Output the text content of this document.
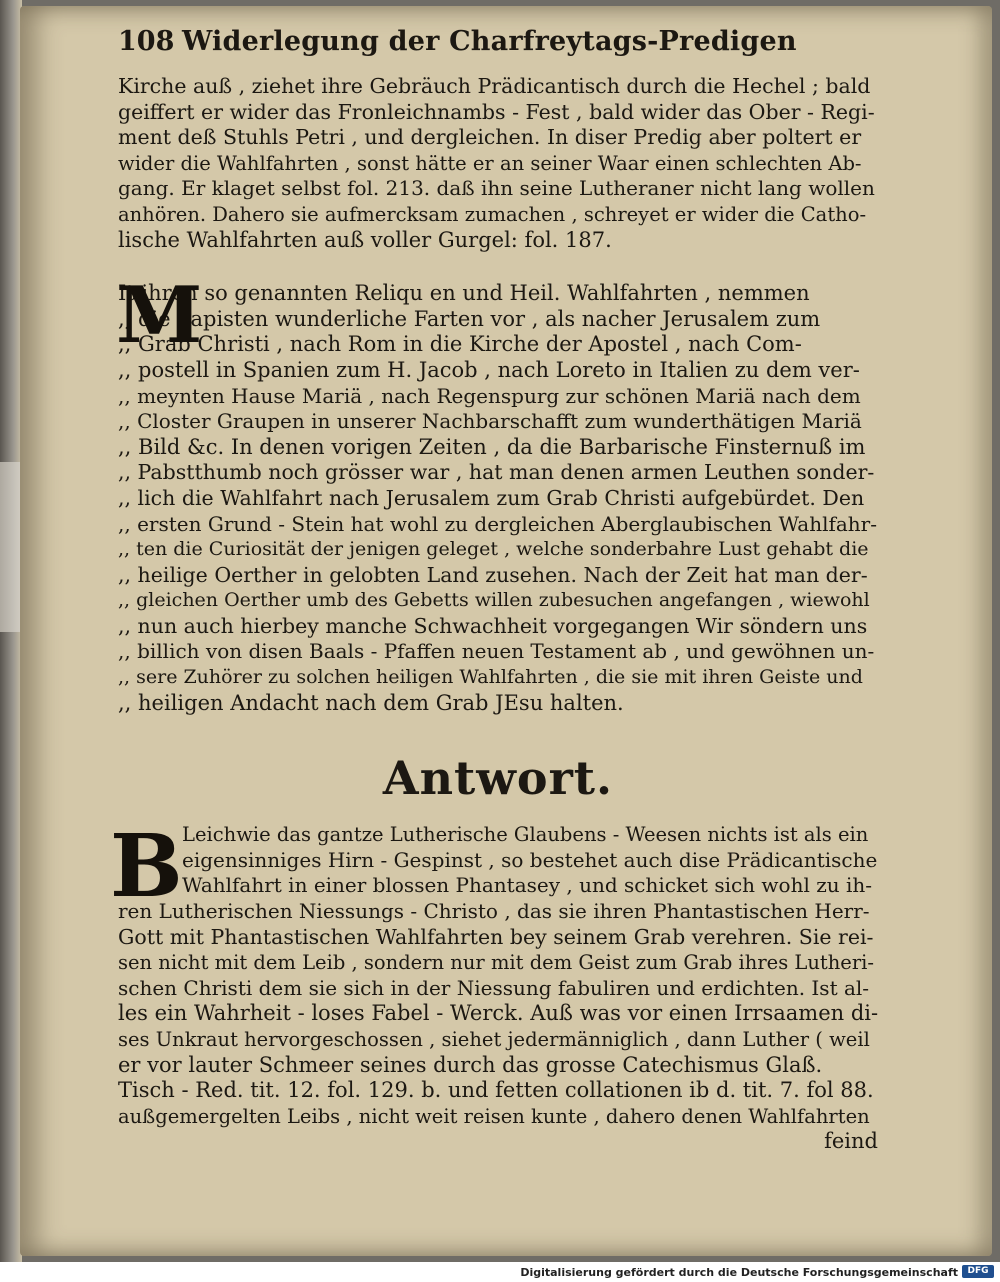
108 Widerlegung der Charfreytags-Predigen
Kirche auß , ziehet ihre Gebräuch Prädicantisch durch die Hechel ; bald
geiffert er wider das Fronleichnambs - Fest , bald wider das Ober - Regi-
ment deß Stuhls Petri , und dergleichen. In diser Predig aber poltert er
wider die Wahlfahrten , sonst hätte er an seiner Waar einen schlechten Ab-
gang. Er klaget selbst fol. 213. daß ihn seine Lutheraner nicht lang wollen
anhören. Dahero sie aufmercksam zumachen , schreyet er wider die Catho-
lische Wahlfahrten auß voller Gurgel: fol. 187.
M
It ihren so genannten Reliqu en und Heil. Wahlfahrten , nemmen
,, die Papisten wunderliche Farten vor , als nacher Jerusalem zum
,, Grab Christi , nach Rom in die Kirche der Apostel , nach Com-
,, postell in Spanien zum H. Jacob , nach Loreto in Italien zu dem ver-
,, meynten Hause Mariä , nach Regenspurg zur schönen Mariä nach dem
,, Closter Graupen in unserer Nachbarschafft zum wunderthätigen Mariä
,, Bild &c. In denen vorigen Zeiten , da die Barbarische Finsternuß im
,, Pabstthumb noch grösser war , hat man denen armen Leuthen sonder-
,, lich die Wahlfahrt nach Jerusalem zum Grab Christi aufgebürdet. Den
,, ersten Grund - Stein hat wohl zu dergleichen Aberglaubischen Wahlfahr-
,, ten die Curiosität der jenigen geleget , welche sonderbahre Lust gehabt die
,, heilige Oerther in gelobten Land zusehen. Nach der Zeit hat man der-
,, gleichen Oerther umb des Gebetts willen zubesuchen angefangen , wiewohl
,, nun auch hierbey manche Schwachheit vorgegangen Wir söndern uns
,, billich von disen Baals - Pfaffen neuen Testament ab , und gewöhnen un-
,, sere Zuhörer zu solchen heiligen Wahlfahrten , die sie mit ihren Geiste und
,, heiligen Andacht nach dem Grab JEsu halten.
Antwort.
B Leichwie das gantze Lutherische Glaubens - Weesen nichts ist als ein
eigensinniges Hirn - Gespinst , so bestehet auch dise Prädicantische
Wahlfahrt in einer blossen Phantasey , und schicket sich wohl zu ih-
ren Lutherischen Niessungs - Christo , das sie ihren Phantastischen Herr-
Gott mit Phantastischen Wahlfahrten bey seinem Grab verehren. Sie rei-
sen nicht mit dem Leib , sondern nur mit dem Geist zum Grab ihres Lutheri-
schen Christi dem sie sich in der Niessung fabuliren und erdichten. Ist al-
les ein Wahrheit - loses Fabel - Werck. Auß was vor einen Irrsaamen di-
ses Unkraut hervorgeschossen , siehet jedermänniglich , dann Luther ( weil
er vor lauter Schmeer seines durch das grosse Catechismus Glaß.
Tisch - Red. tit. 12. fol. 129. b. und fetten collationen ib d. tit. 7. fol 88.
außgemergelten Leibs , nicht weit reisen kunte , dahero denen Wahlfahrten
feind
Digitalisierung gefördert durch die Deutsche Forschungsgemeinschaft	DFG
